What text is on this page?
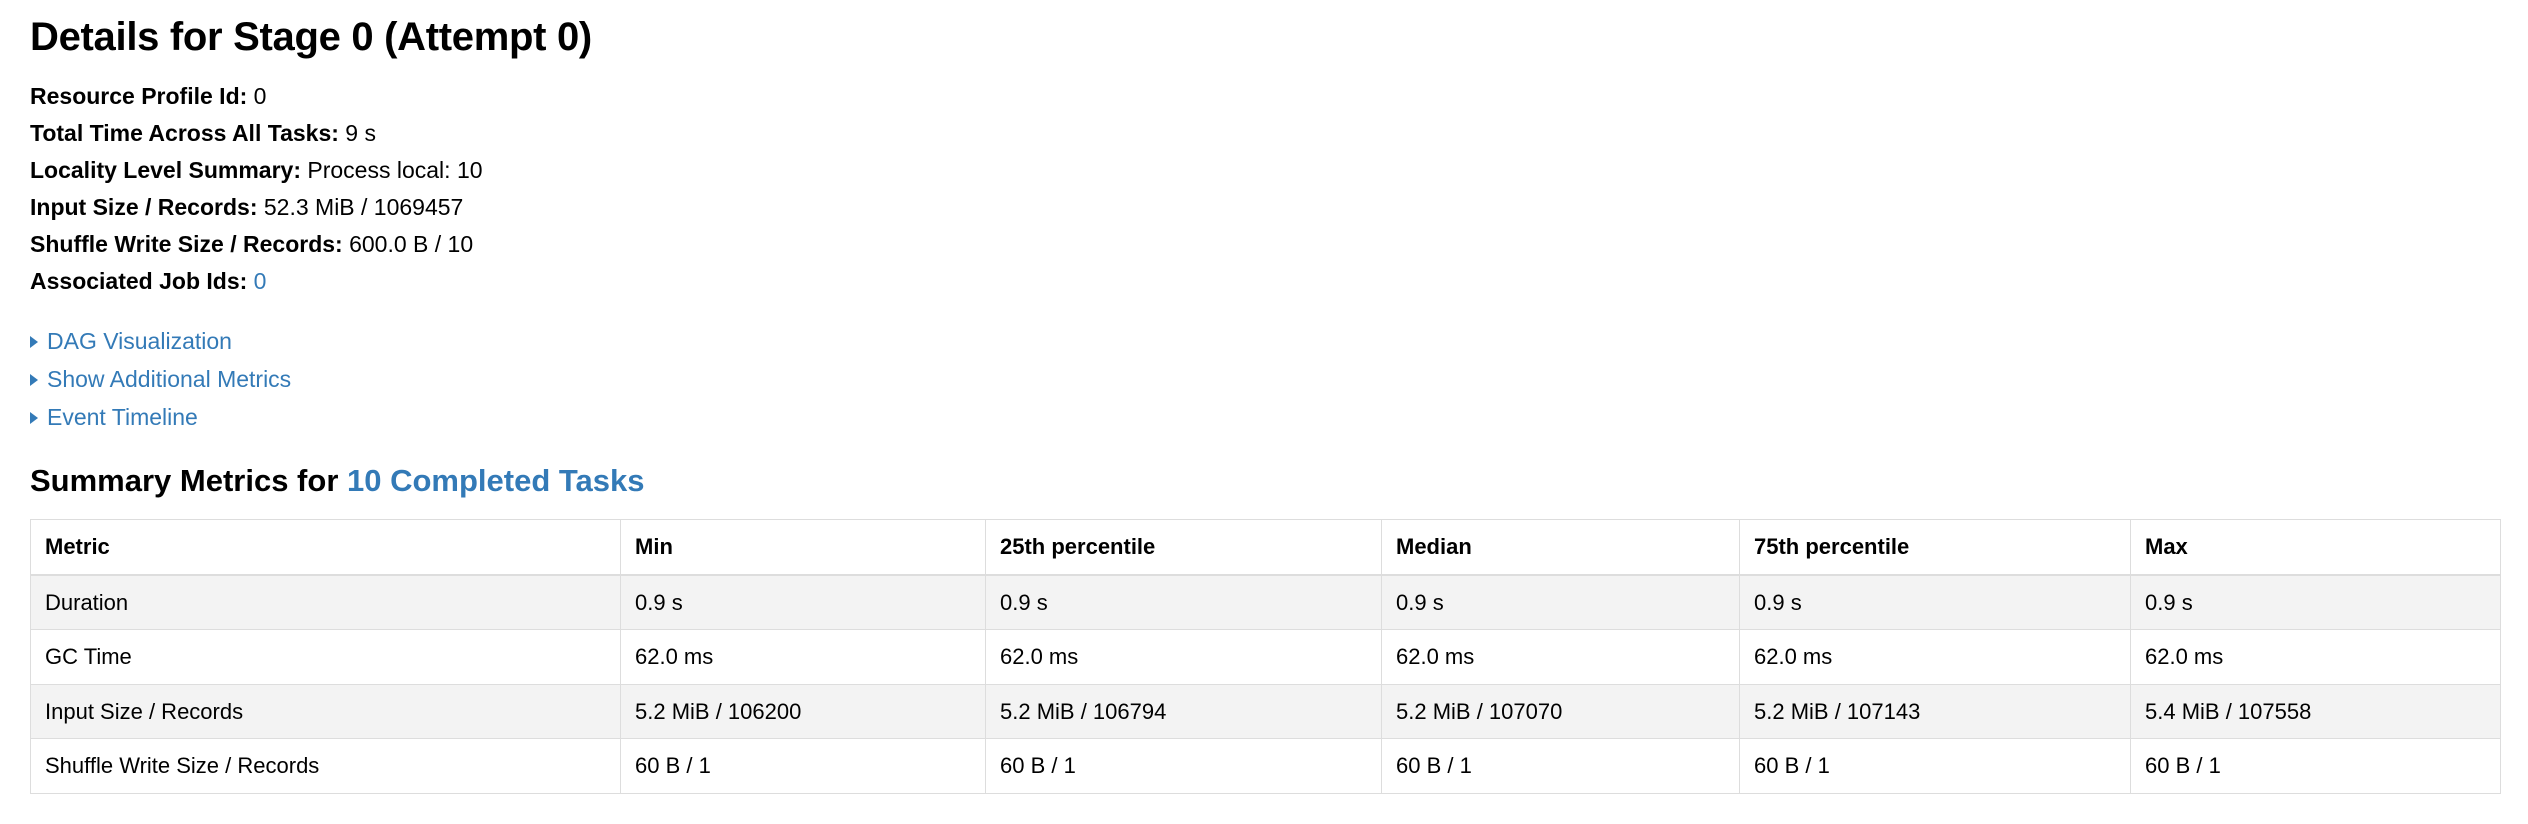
Details for Stage 0 (Attempt 0)
Resource Profile Id: 0
Total Time Across All Tasks: 9 s
Locality Level Summary: Process local: 10
Input Size / Records: 52.3 MiB / 1069457
Shuffle Write Size / Records: 600.0 B / 10
Associated Job Ids: 0
DAG Visualization
Show Additional Metrics
Event Timeline
Summary Metrics for 10 Completed Tasks
Metric	Min	25th percentile	Median	75th percentile	Max
Duration	0.9 s	0.9 s	0.9 s	0.9 s	0.9 s
GC Time	62.0 ms	62.0 ms	62.0 ms	62.0 ms	62.0 ms
Input Size / Records	5.2 MiB / 106200	5.2 MiB / 106794	5.2 MiB / 107070	5.2 MiB / 107143	5.4 MiB / 107558
Shuffle Write Size / Records	60 B / 1	60 B / 1	60 B / 1	60 B / 1	60 B / 1
